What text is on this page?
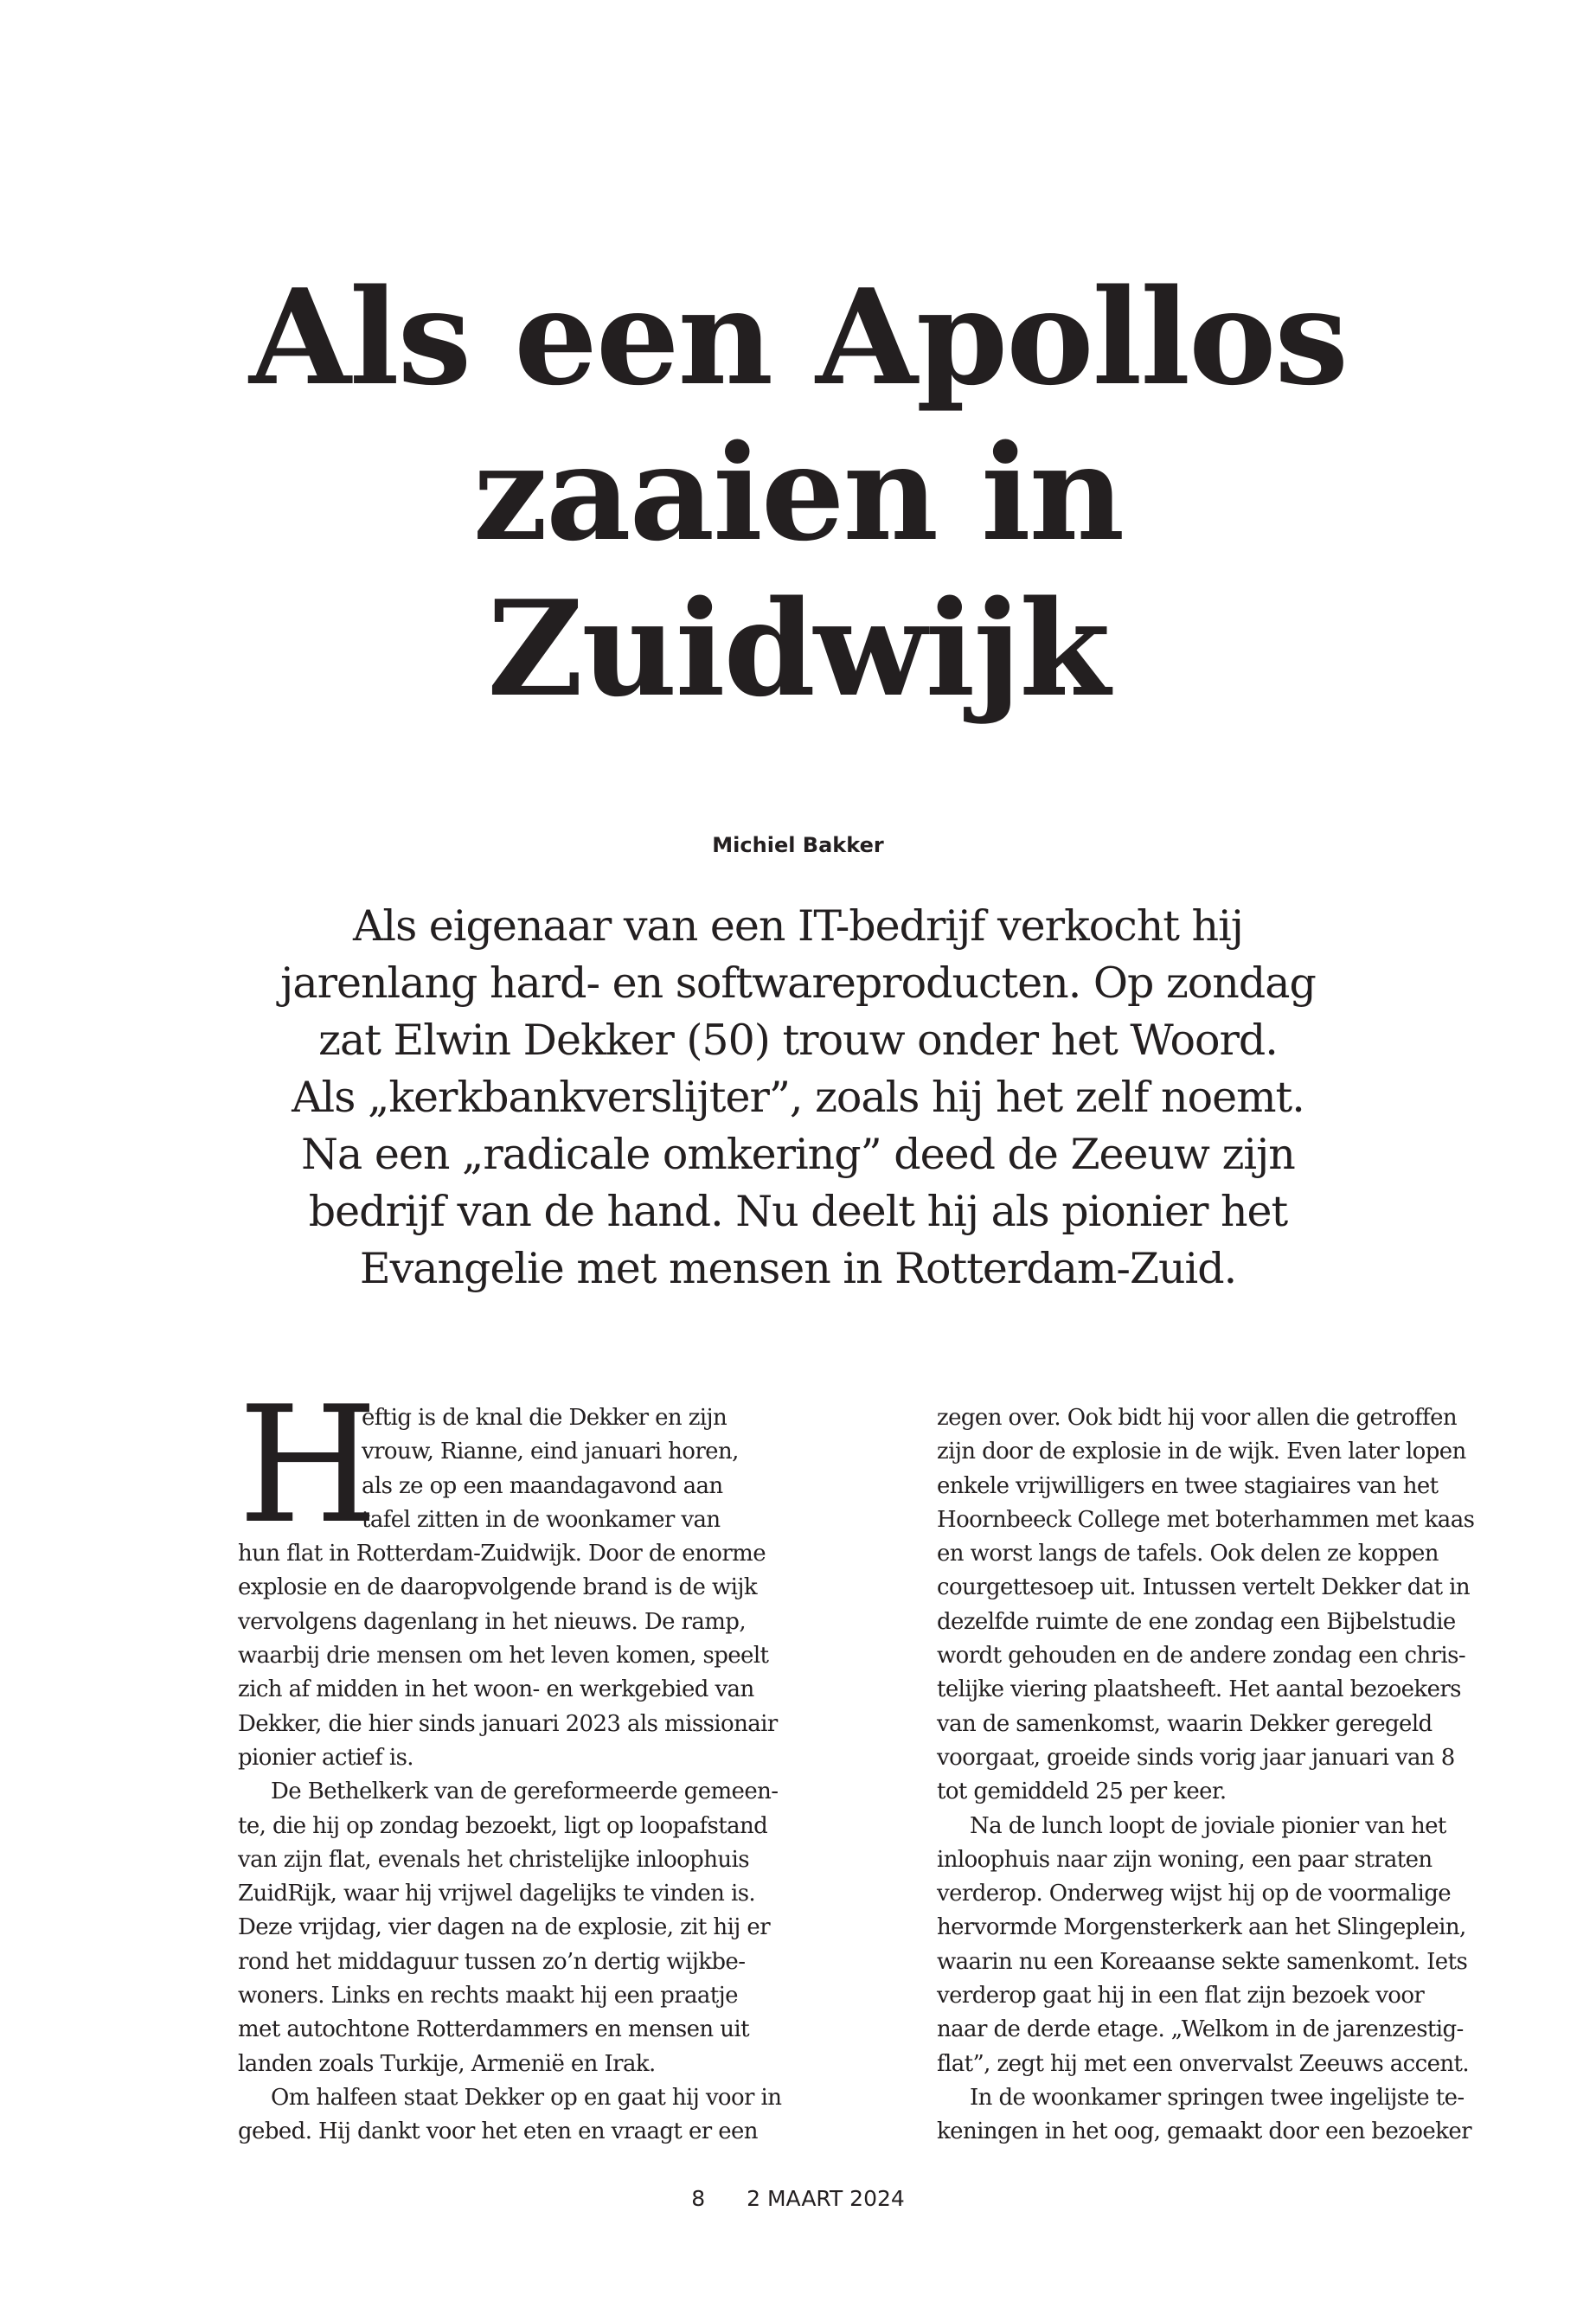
Als een Apollos
zaaien in
Zuidwijk
Michiel Bakker
Als eigenaar van een IT-bedrijf verkocht hij
jarenlang hard- en softwareproducten. Op zondag
zat Elwin Dekker (50) trouw onder het Woord.
Als „kerkbankverslijter”, zoals hij het zelf noemt.
Na een „radicale omkering” deed de Zeeuw zijn
bedrijf van de hand. Nu deelt hij als pionier het
Evangelie met mensen in Rotterdam-Zuid.
H
eftig is de knal die Dekker en zijn
vrouw, Rianne, eind januari horen,
als ze op een maandagavond aan
tafel zitten in de woonkamer van
hun flat in Rotterdam-Zuidwijk. Door de enorme
explosie en de daaropvolgende brand is de wijk
vervolgens dagenlang in het nieuws. De ramp,
waarbij drie mensen om het leven komen, speelt
zich af midden in het woon- en werkgebied van
Dekker, die hier sinds januari 2023 als missionair
pionier actief is.
De Bethelkerk van de gereformeerde gemeen-
te, die hij op zondag bezoekt, ligt op loopafstand
van zijn flat, evenals het christelijke inloophuis
ZuidRijk, waar hij vrijwel dagelijks te vinden is.
Deze vrijdag, vier dagen na de explosie, zit hij er
rond het middaguur tussen zo’n dertig wijkbe-
woners. Links en rechts maakt hij een praatje
met autochtone Rotterdammers en mensen uit
landen zoals Turkije, Armenië en Irak.
Om halfeen staat Dekker op en gaat hij voor in
gebed. Hij dankt voor het eten en vraagt er een
zegen over. Ook bidt hij voor allen die getroffen
zijn door de explosie in de wijk. Even later lopen
enkele vrijwilligers en twee stagiaires van het
Hoornbeeck College met boterhammen met kaas
en worst langs de tafels. Ook delen ze koppen
courgettesoep uit. Intussen vertelt Dekker dat in
dezelfde ruimte de ene zondag een Bijbelstudie
wordt gehouden en de andere zondag een chris-
telijke viering plaatsheeft. Het aantal bezoekers
van de samenkomst, waarin Dekker geregeld
voorgaat, groeide sinds vorig jaar januari van 8
tot gemiddeld 25 per keer.
Na de lunch loopt de joviale pionier van het
inloophuis naar zijn woning, een paar straten
verderop. Onderweg wijst hij op de voormalige
hervormde Morgensterkerk aan het Slingeplein,
waarin nu een Koreaanse sekte samenkomt. Iets
verderop gaat hij in een flat zijn bezoek voor
naar de derde etage. „Welkom in de jarenzestig-
flat”, zegt hij met een onvervalst Zeeuws accent.
In de woonkamer springen twee ingelijste te-
keningen in het oog, gemaakt door een bezoeker
8 2 MAART 2024
